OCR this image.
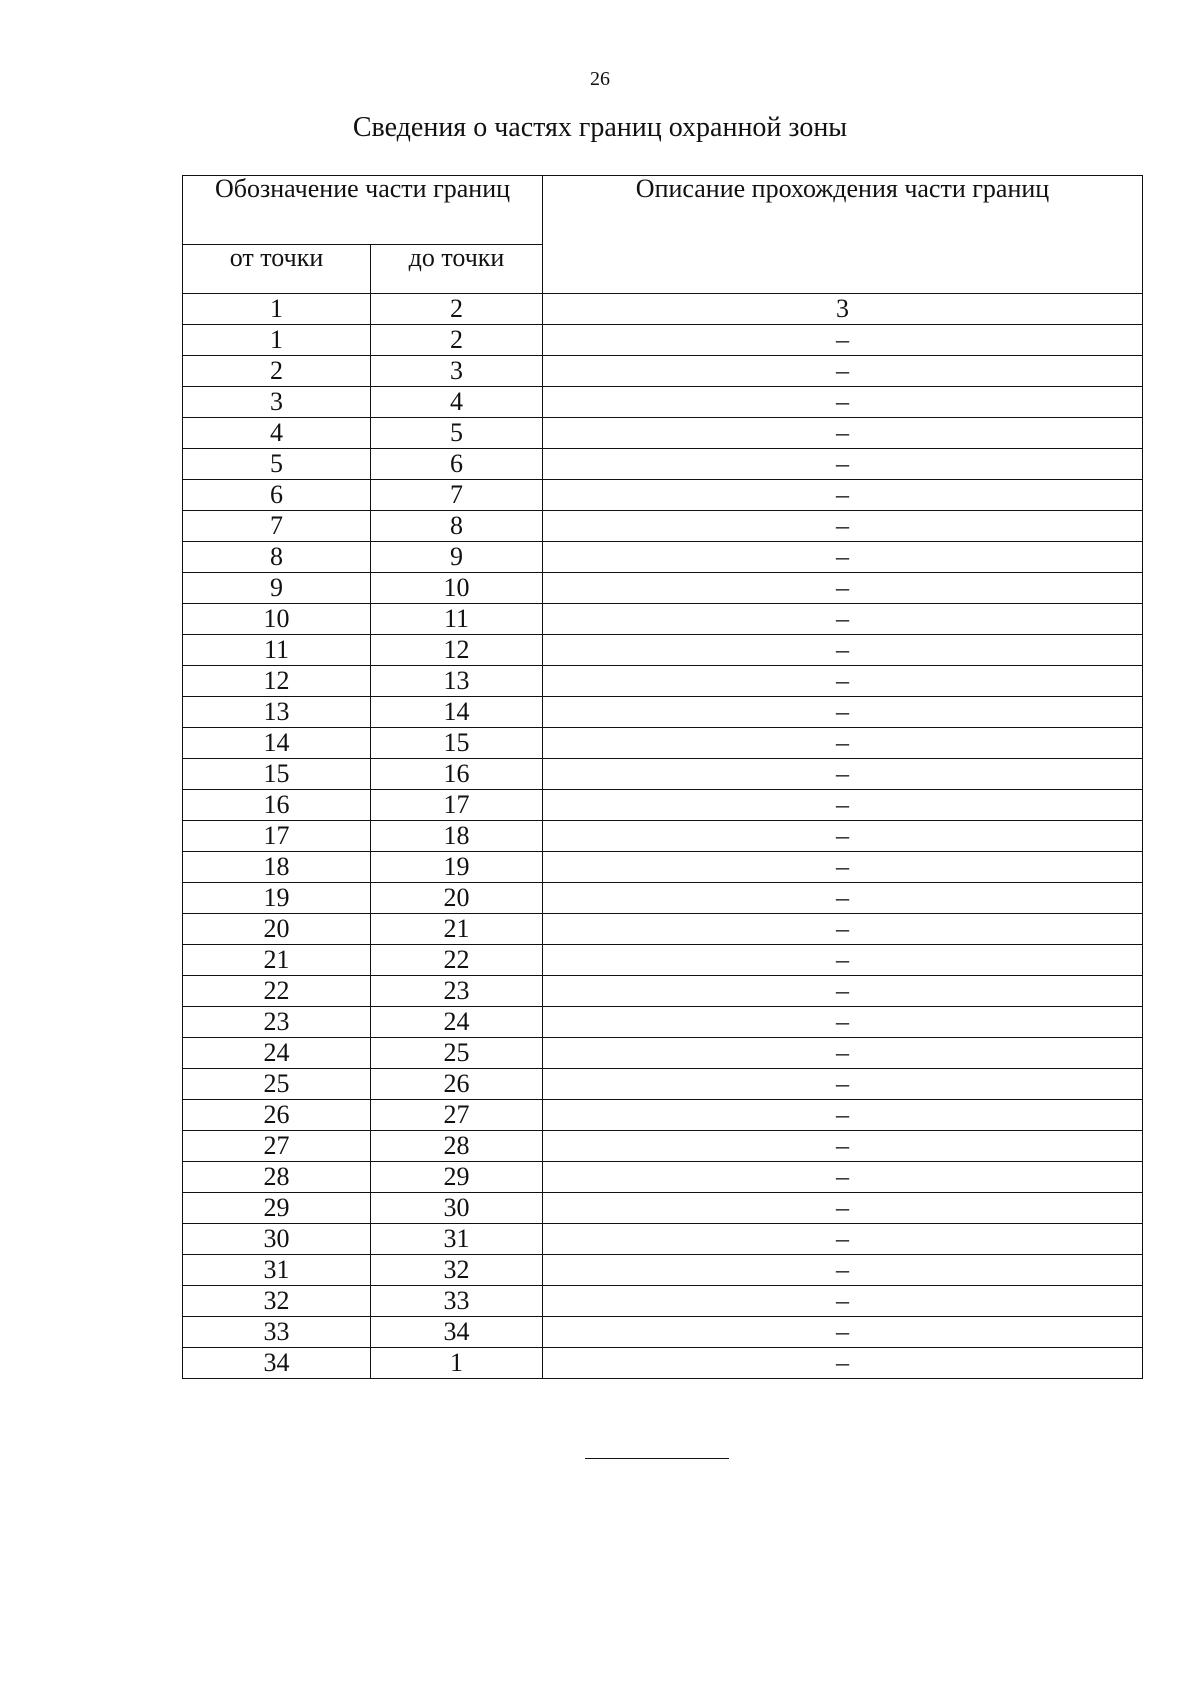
26
Сведения о частях границ охранной зоны
Обозначение части границ		Описание прохождения части границ
от точки	до точки	
1	2	3
1	2	–
2	3	–
3	4	–
4	5	–
5	6	–
6	7	–
7	8	–
8	9	–
9	10	–
10	11	–
11	12	–
12	13	–
13	14	–
14	15	–
15	16	–
16	17	–
17	18	–
18	19	–
19	20	–
20	21	–
21	22	–
22	23	–
23	24	–
24	25	–
25	26	–
26	27	–
27	28	–
28	29	–
29	30	–
30	31	–
31	32	–
32	33	–
33	34	–
34	1	–
